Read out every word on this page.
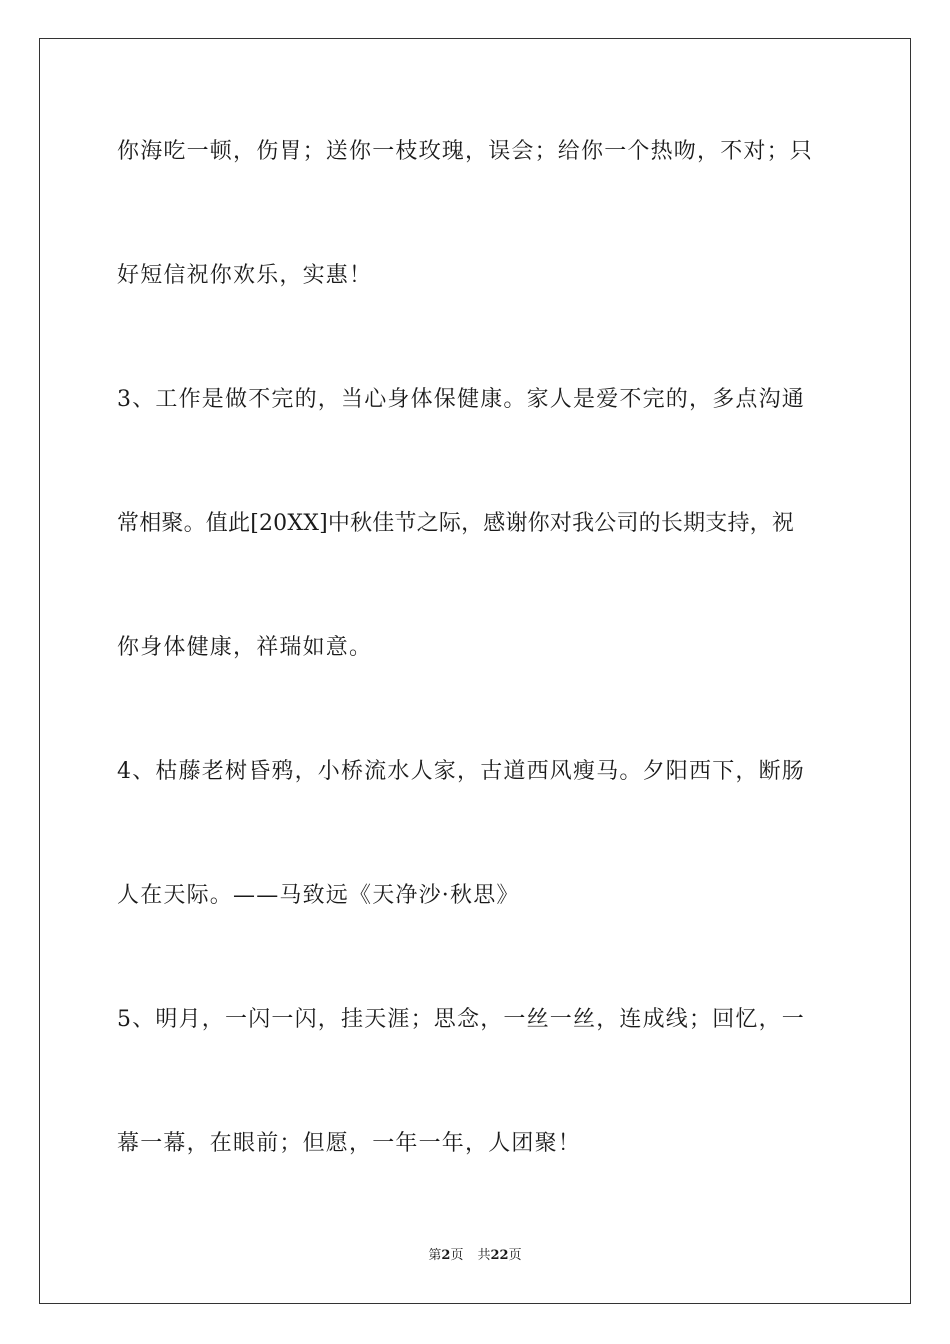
你海吃一顿，伤胃；送你一枝玫瑰，误会；给你一个热吻，不对；只
好短信祝你欢乐，实惠！
3、工作是做不完的，当心身体保健康。家人是爱不完的，多点沟通
常相聚。值此[20XX]中秋佳节之际，感谢你对我公司的长期支持，祝
你身体健康，祥瑞如意。
4、枯藤老树昏鸦，小桥流水人家，古道西风瘦马。夕阳西下，断肠
人在天际。——马致远《天净沙·秋思》
5、明月，一闪一闪，挂天涯；思念，一丝一丝，连成线；回忆，一
幕一幕，在眼前；但愿，一年一年，人团聚！
第2页 共22页
